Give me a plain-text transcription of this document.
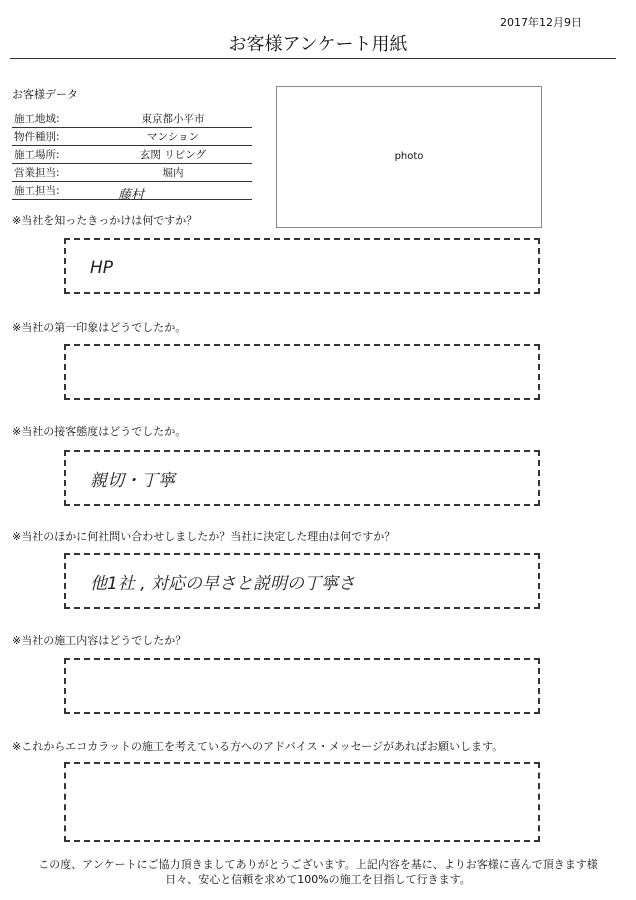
2017年12月9日
お客様アンケート用紙
お客様データ
施工地域:	東京都小平市
物件種別:	マンション
施工場所:	玄関 リビング
営業担当:	堀内
施工担当:		藤村
photo
※当社を知ったきっかけは何ですか？
HP
※当社の第一印象はどうでしたか。
※当社の接客態度はどうでしたか。
親切・丁寧
※当社のほかに何社問い合わせしましたか？当社に決定した理由は何ですか？
他1社 , 対応の早さと説明の丁寧さ
※当社の施工内容はどうでしたか？
※これからエコカラットの施工を考えている方へのアドバイス・メッセージがあればお願いします。
この度、アンケートにご協力頂きましてありがとうございます。上記内容を基に、よりお客様に喜んで頂きます様
日々、安心と信頼を求めて100%の施工を目指して行きます。
